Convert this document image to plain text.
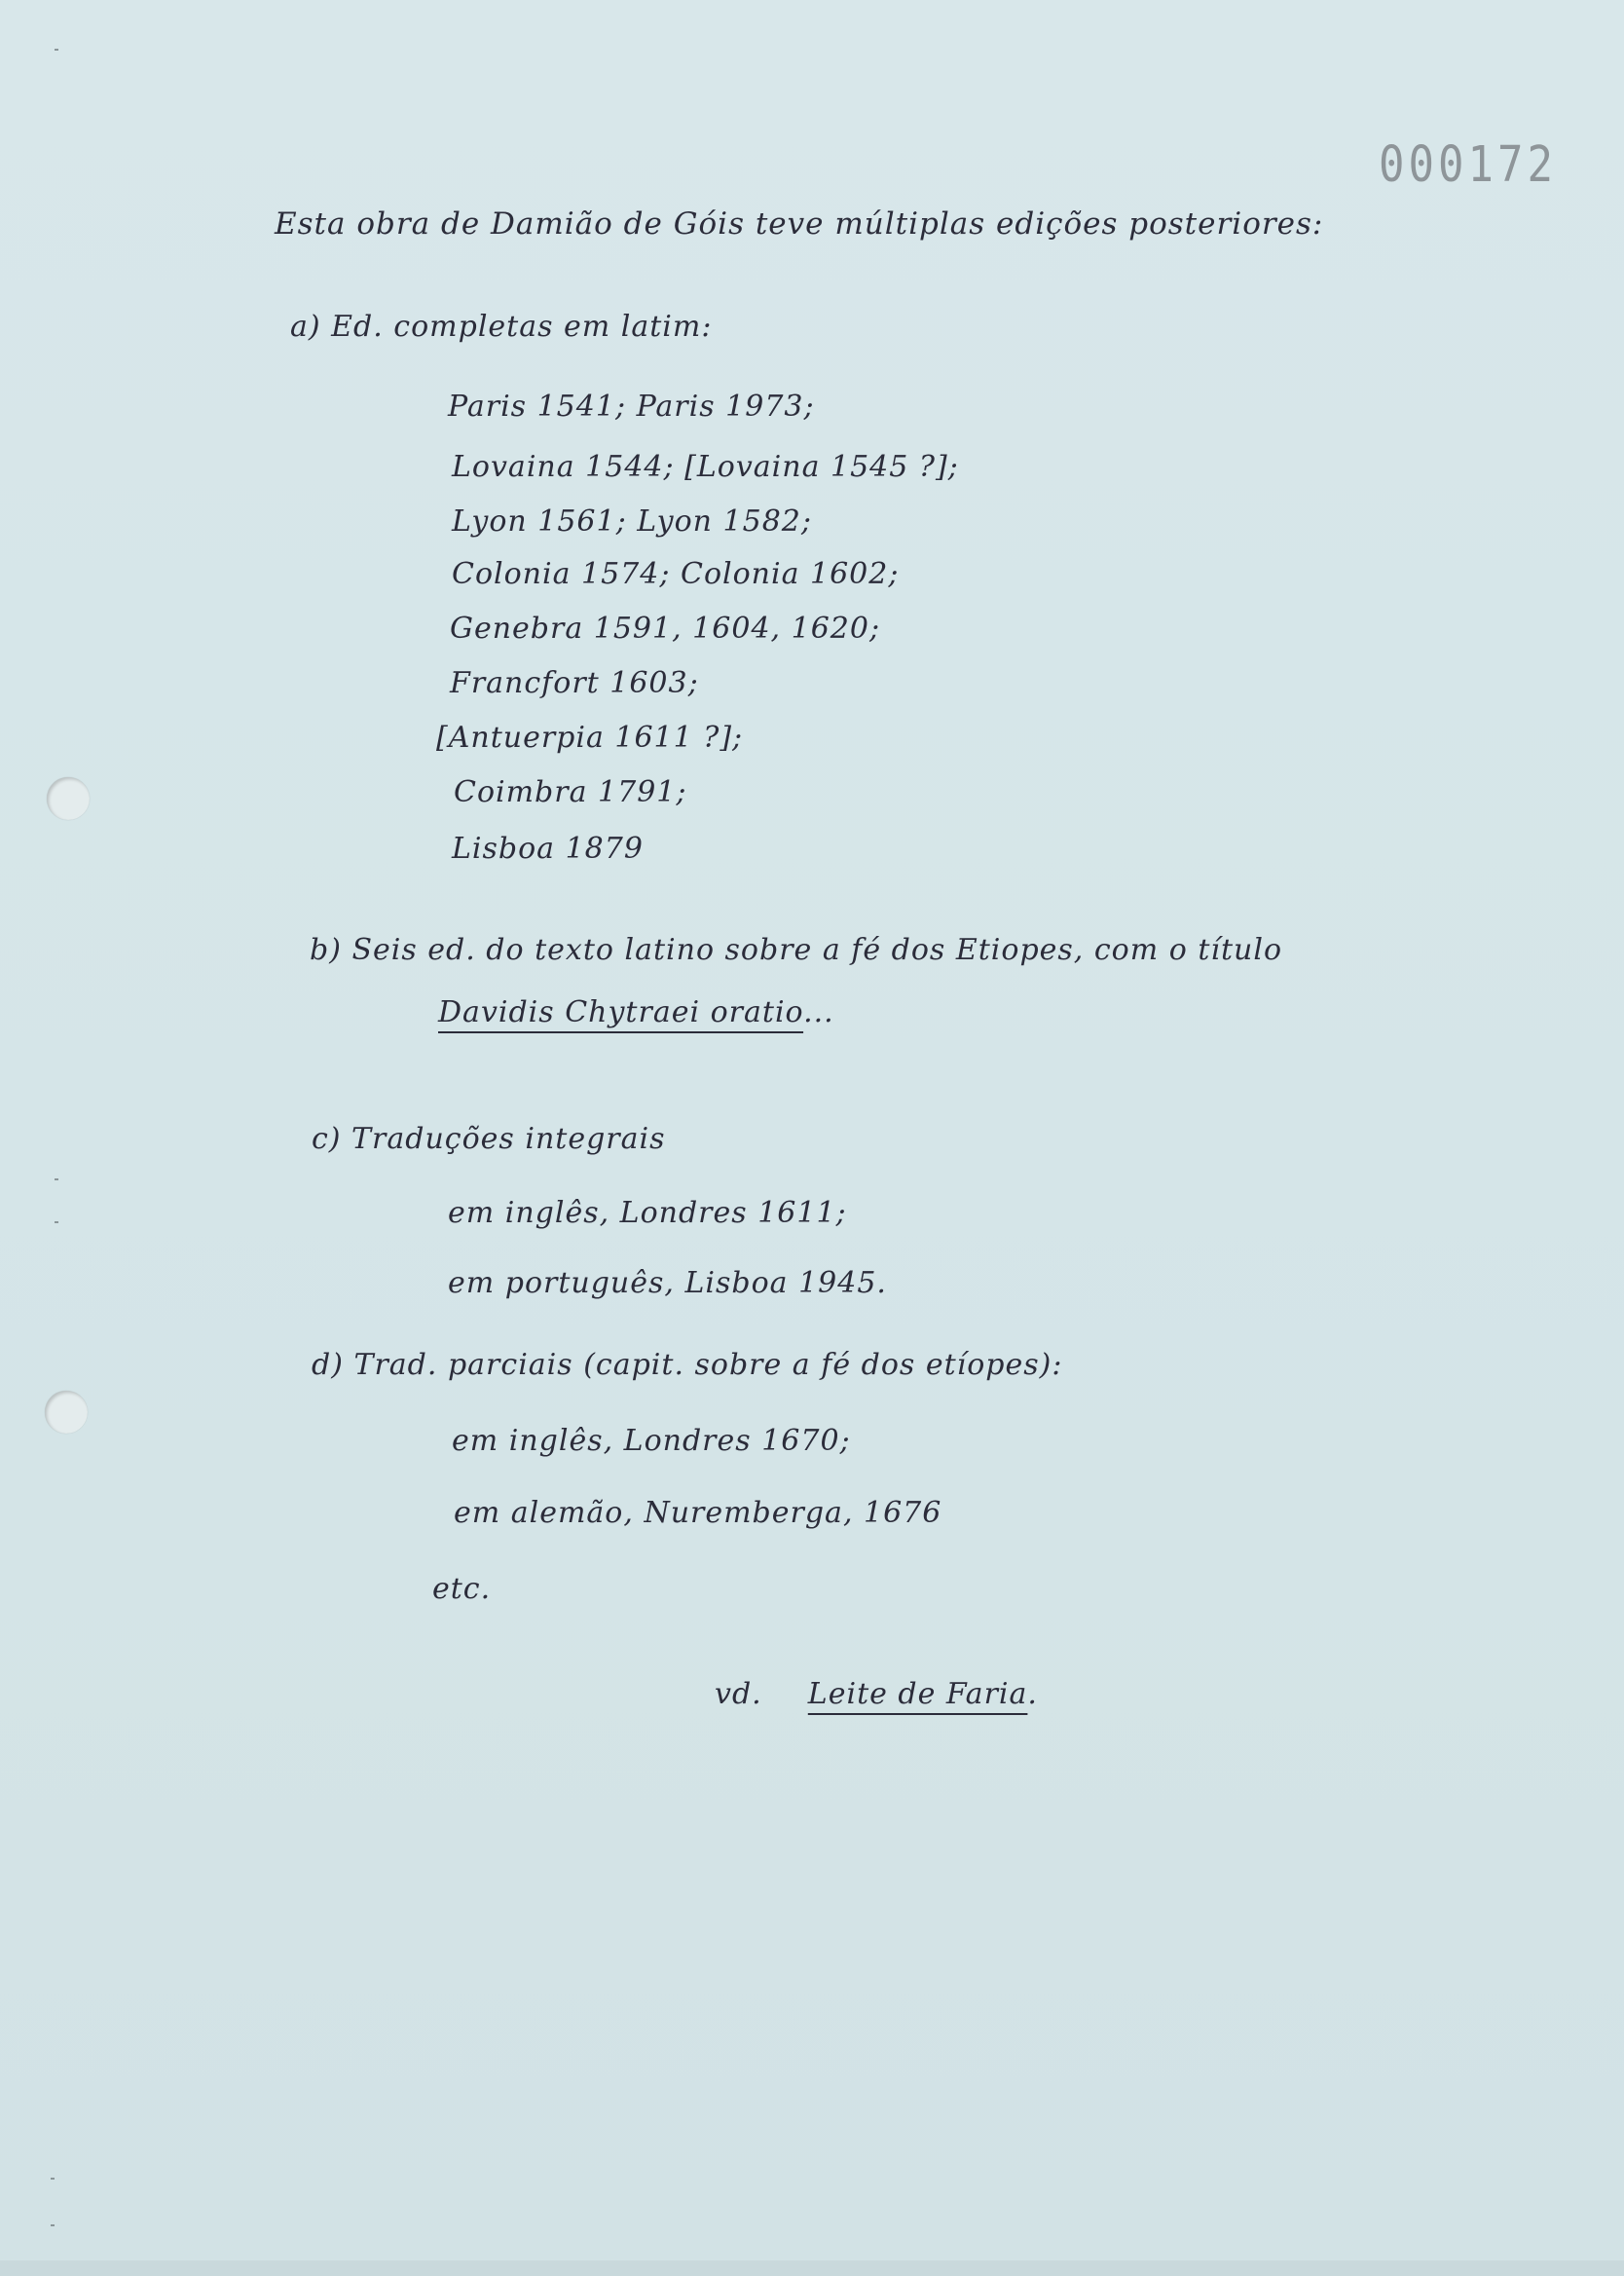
000172
Esta obra de Damião de Góis teve múltiplas edições posteriores:
a) Ed. completas em latim:
Paris 1541; Paris 1973;
Lovaina 1544; [Lovaina 1545 ?];
Lyon 1561; Lyon 1582;
Colonia 1574; Colonia 1602;
Genebra 1591, 1604, 1620;
Francfort 1603;
[Antuerpia 1611 ?];
Coimbra 1791;
Lisboa 1879
b) Seis ed. do texto latino sobre a fé dos Etiopes, com o título
Davidis Chytraei oratio...
c) Traduções integrais
em inglês, Londres 1611;
em português, Lisboa 1945.
d) Trad. parciais (capit. sobre a fé dos etíopes):
em inglês, Londres 1670;
em alemão, Nuremberga, 1676
etc.
vd. Leite de Faria.
